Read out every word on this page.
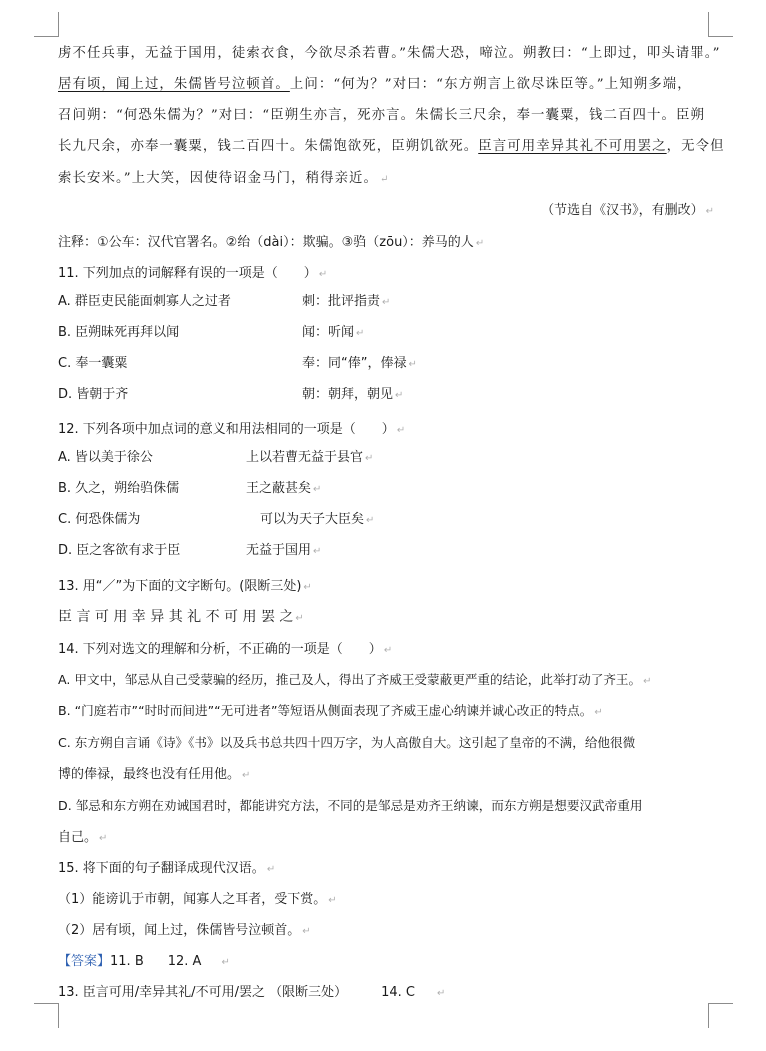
虏不任兵事，无益于国用，徒索衣食，今欲尽杀若曹。”朱儒大恐，啼泣。朔教曰：“上即过，叩头请罪。”
居有顷，闻上过，朱儒皆号泣顿首。上问：“何为？”对曰：“东方朔言上欲尽诛臣等。”上知朔多端，
召问朔：“何恐朱儒为？”对曰：“臣朔生亦言，死亦言。朱儒长三尺余，奉一囊粟，钱二百四十。臣朔
长九尺余，亦奉一囊粟，钱二百四十。朱儒饱欲死，臣朔饥欲死。臣言可用幸异其礼不可用罢之，无令但
索长安米。”上大笑，因使待诏金马门，稍得亲近。 ↵
（节选自《汉书》，有删改） ↵
注释：①公车：汉代官署名。②绐（dài）：欺骗。③驺（zōu）：养马的人 ↵
11. 下列加点的词解释有误的一项是（　　） ↵
A. 群臣吏民能面刺寡人之过者	刺：批评指责 ↵
B. 臣朔昧死再拜以闻	闻：听闻 ↵
C. 奉一囊粟	奉：同“俸”，俸禄 ↵
D. 皆朝于齐	朝：朝拜，朝见 ↵
12. 下列各项中加点词的意义和用法相同的一项是（　　） ↵
A. 皆以美于徐公	上以若曹无益于县官 ↵
B. 久之，朔绐驺侏儒	王之蔽甚矣 ↵
C. 何恐侏儒为	可以为天子大臣矣 ↵
D. 臣之客欲有求于臣	无益于国用 ↵
13. 用“／”为下面的文字断句。(限断三处) ↵
臣 言 可 用 幸 异 其 礼 不 可 用 罢 之 ↵
14. 下列对选文的理解和分析，不正确的一项是（　　） ↵
A. 甲文中，邹忌从自己受蒙骗的经历，推己及人，得出了齐威王受蒙蔽更严重的结论，此举打动了齐王。 ↵
B. “门庭若市”“时时而间进”“无可进者”等短语从侧面表现了齐威王虚心纳谏并诚心改正的特点。 ↵
C. 东方朔自言诵《诗》《书》以及兵书总共四十四万字，为人高傲自大。这引起了皇帝的不满，给他很微
博的俸禄，最终也没有任用他。 ↵
D. 邹忌和东方朔在劝诫国君时，都能讲究方法，不同的是邹忌是劝齐王纳谏，而东方朔是想要汉武帝重用
自己。 ↵
15. 将下面的句子翻译成现代汉语。 ↵
（1）能谤讥于市朝，闻寡人之耳者，受下赏。 ↵
（2）居有顷，闻上过，侏儒皆号泣顿首。 ↵
【答案】11. B 12. A ↵
13. 臣言可用/幸异其礼/不可用/罢之 （限断三处）	14. C ↵
